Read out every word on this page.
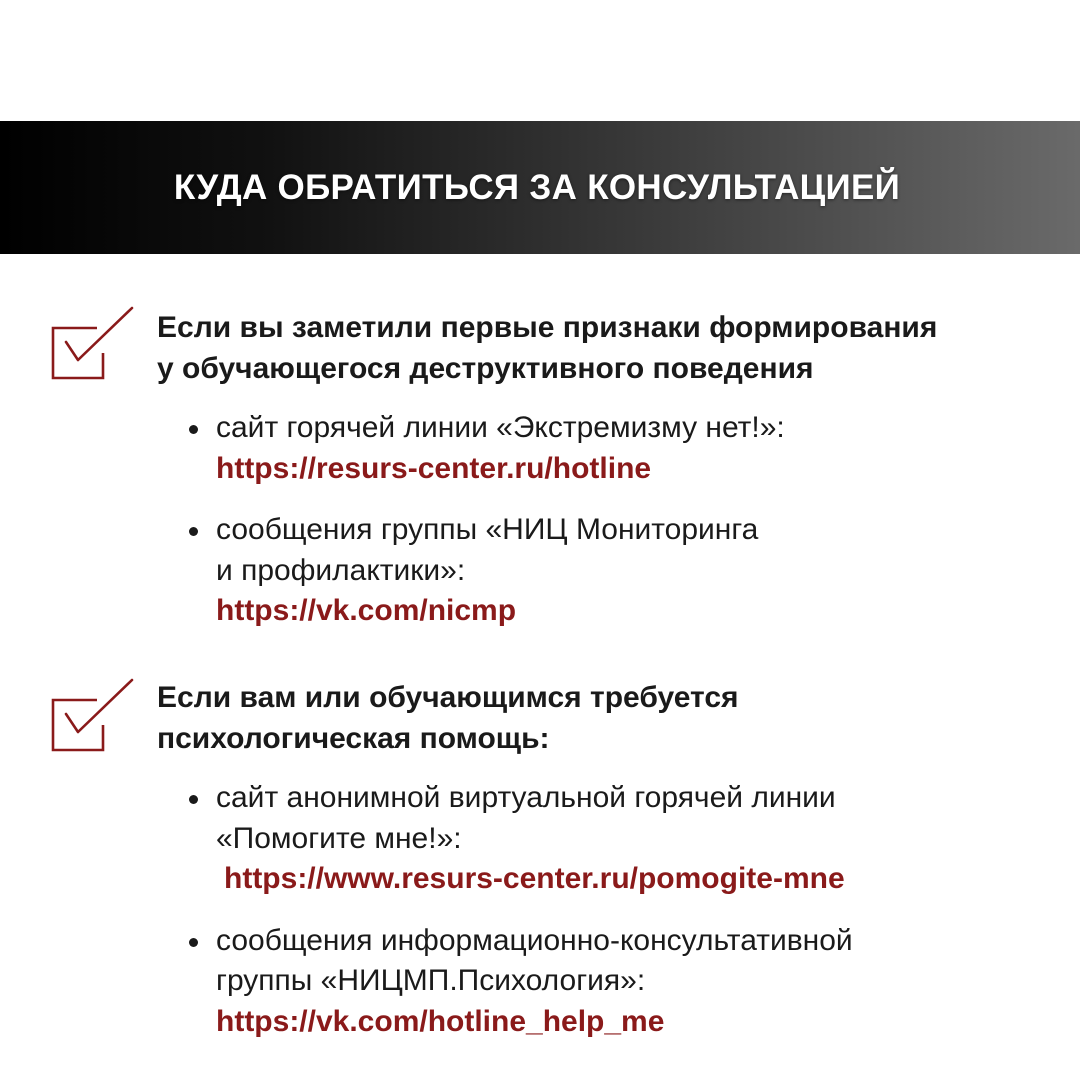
КУДА ОБРАТИТЬСЯ ЗА КОНСУЛЬТАЦИЕЙ
Если вы заметили первые признаки формирования
у обучающегося деструктивного поведения
сайт горячей линии «Экстремизму нет!»:
https://resurs-center.ru/hotline
сообщения группы «НИЦ Мониторинга
и профилактики»:
https://vk.com/nicmp
Если вам или обучающимся требуется
психологическая помощь:
сайт анонимной виртуальной горячей линии
«Помогите мне!»:
https://www.resurs-center.ru/pomogite-mne
сообщения информационно-консультативной
группы «НИЦМП.Психология»:
https://vk.com/hotline_help_me
